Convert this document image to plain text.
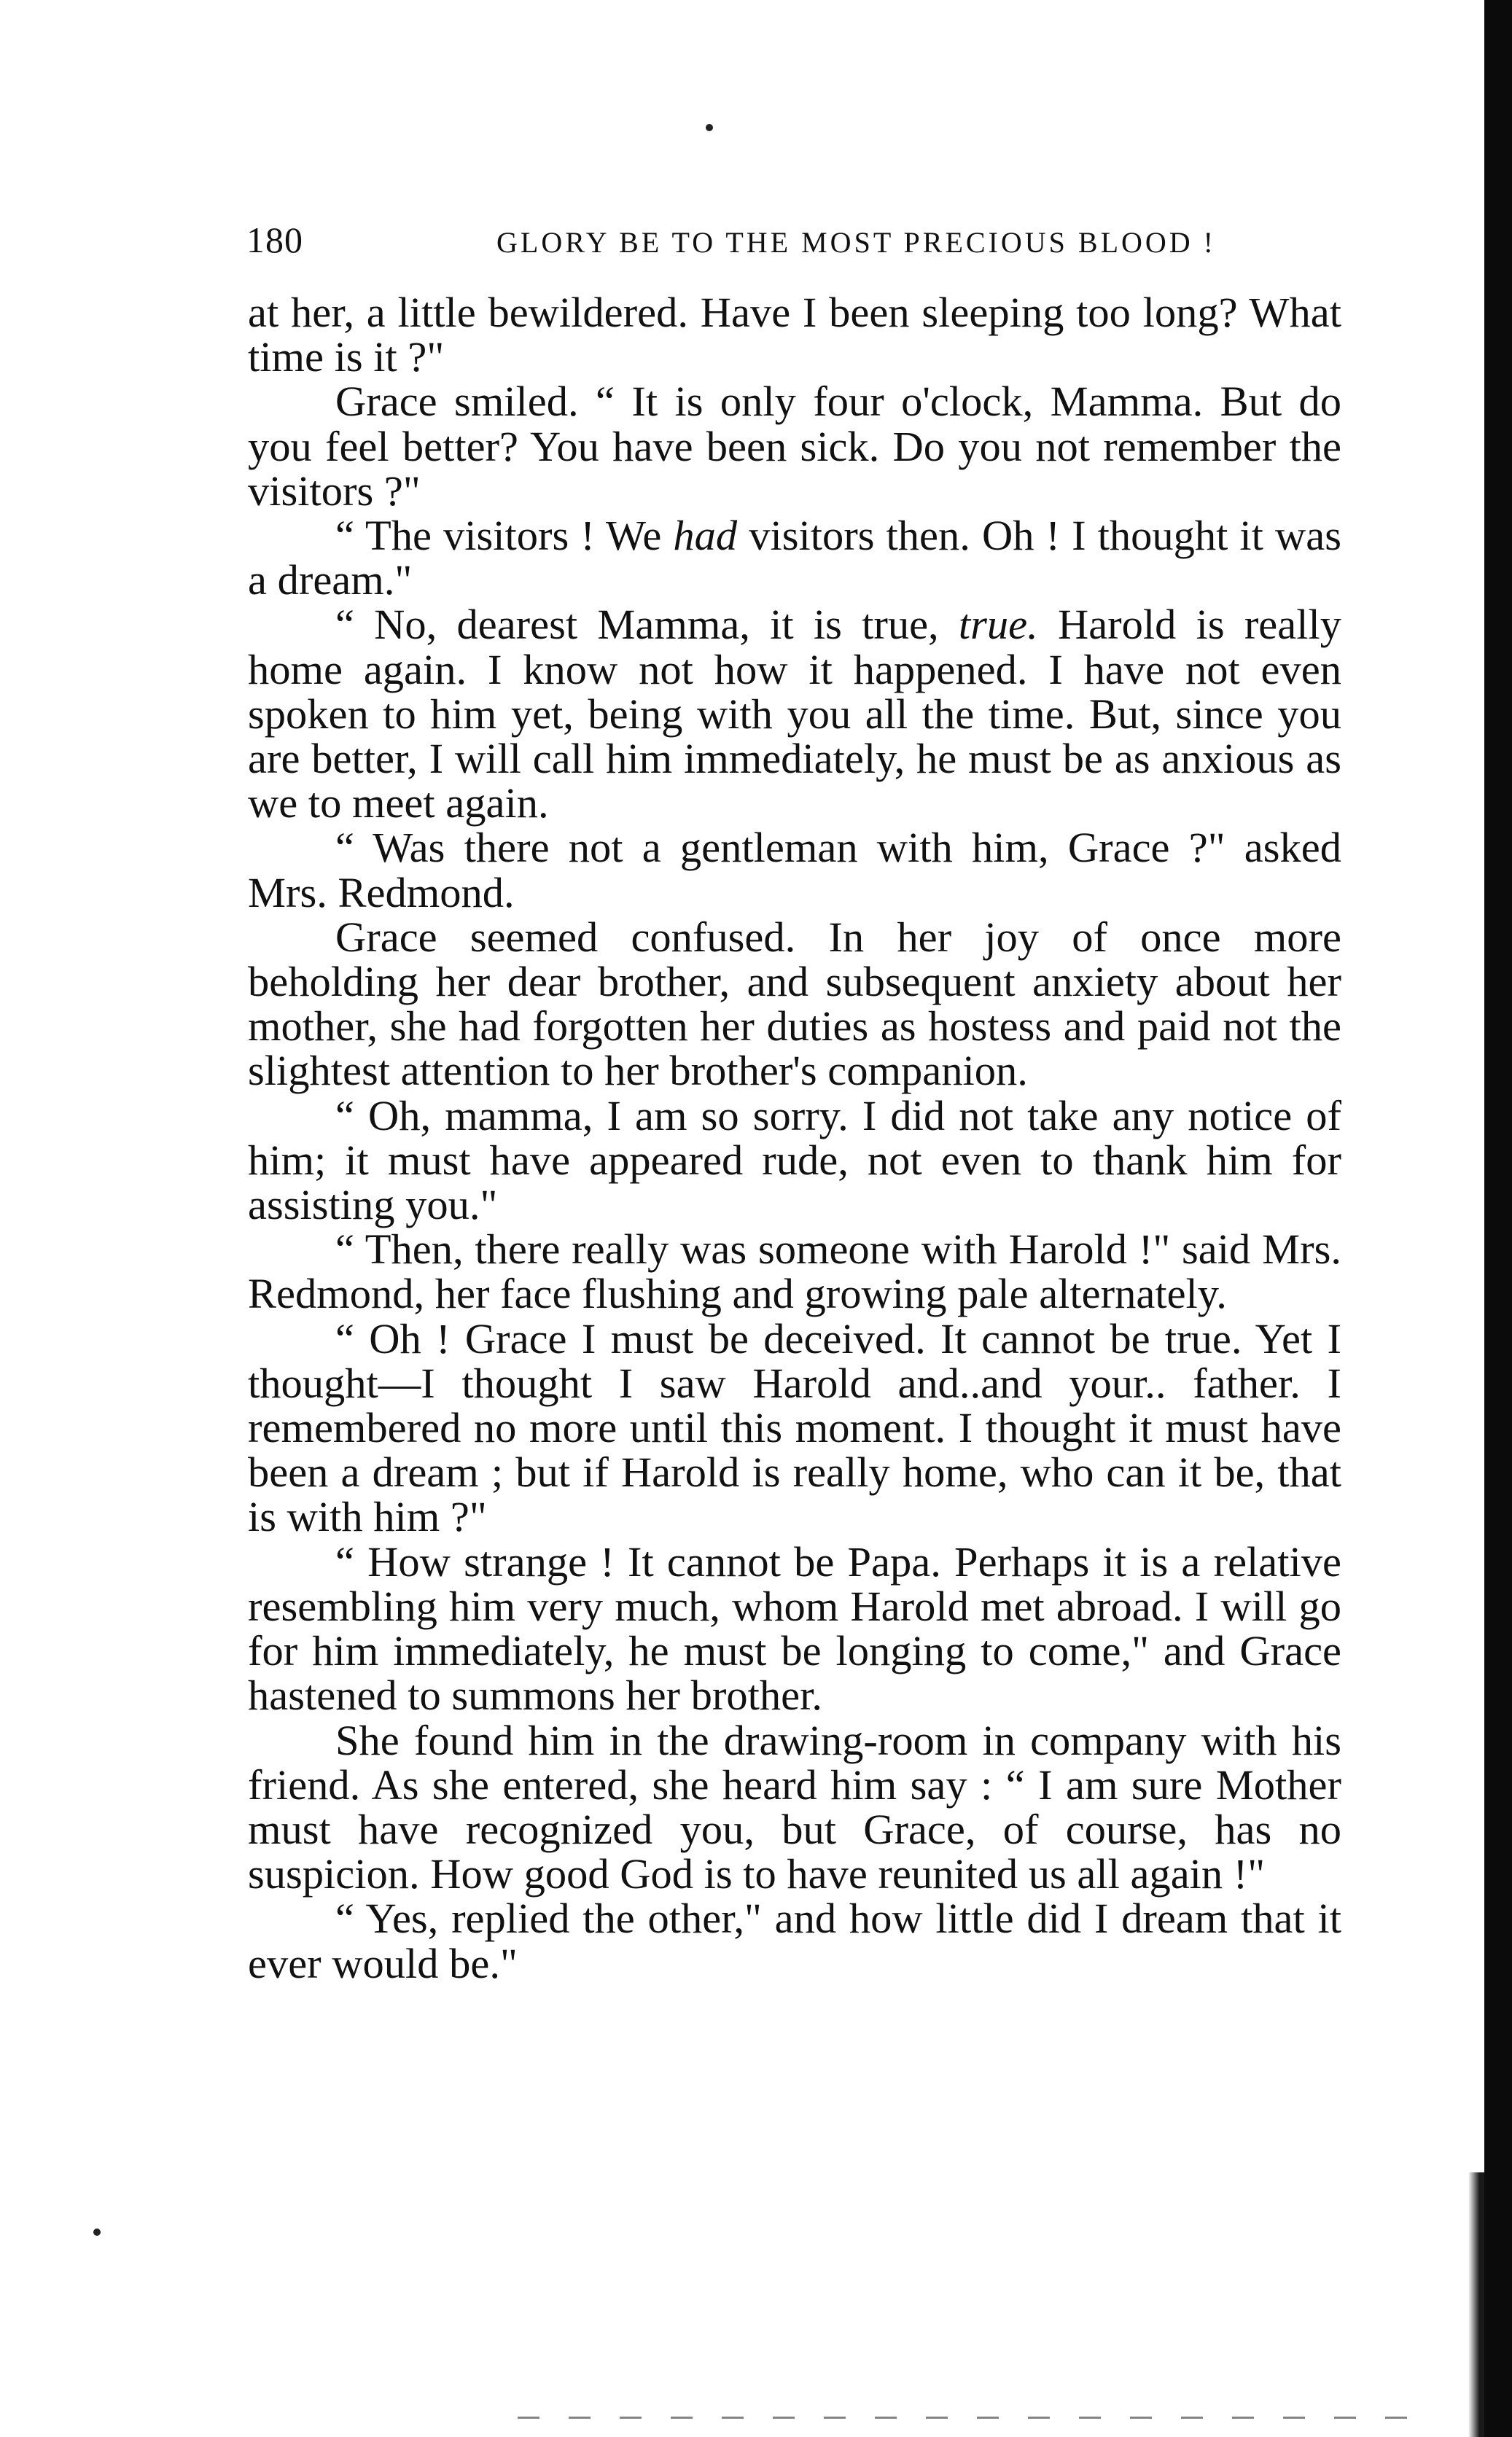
180	GLORY BE TO THE MOST PRECIOUS BLOOD !

at her, a little bewildered. Have I been sleeping too long? What time is it ?"

Grace smiled. “ It is only four o'clock, Mamma. But do you feel better? You have been sick. Do you not remember the visitors ?"

“ The visitors ! We had visitors then. Oh ! I thought it was a dream."

“ No, dearest Mamma, it is true, true. Harold is really home again. I know not how it happened. I have not even spoken to him yet, being with you all the time. But, since you are better, I will call him immediately, he must be as anxious as we to meet again.

“ Was there not a gentleman with him, Grace ?" asked Mrs. Redmond.

Grace seemed confused. In her joy of once more beholding her dear brother, and subsequent anxiety about her mother, she had forgotten her duties as hostess and paid not the slightest attention to her brother's companion.

“ Oh, mamma, I am so sorry. I did not take any notice of him; it must have appeared rude, not even to thank him for assisting you."

“ Then, there really was someone with Harold !" said Mrs. Redmond, her face flushing and growing pale alternately.

“ Oh ! Grace I must be deceived. It cannot be true. Yet I thought—I thought I saw Harold and..and your.. father. I remembered no more until this moment. I thought it must have been a dream ; but if Harold is really home, who can it be, that is with him ?"

“ How strange ! It cannot be Papa. Perhaps it is a relative resembling him very much, whom Harold met abroad. I will go for him immediately, he must be longing to come," and Grace hastened to summons her brother.

She found him in the drawing-room in company with his friend. As she entered, she heard him say : “ I am sure Mother must have recognized you, but Grace, of course, has no suspicion. How good God is to have reunited us all again !"

“ Yes, replied the other," and how little did I dream that it ever would be."
